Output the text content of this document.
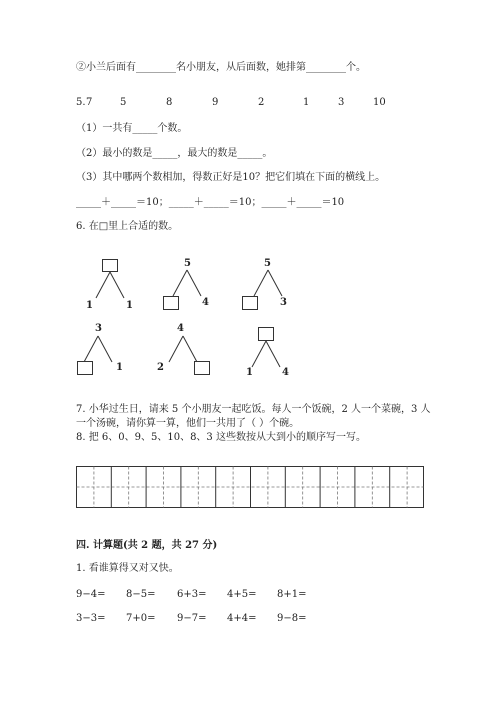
②小兰后面有________名小朋友，从后面数，她排第________个。
5. 7	5	8	9	2	1	3	10
（1）一共有_____个数。
（2）最小的数是_____，最大的数是_____。
（3）其中哪两个数相加，得数正好是10？把它们填在下面的横线上。
_____＋_____＝10；_____＋_____＝10；_____＋_____＝10
6. 在□里上合适的数。
1	1
5
4
5
3
3
1
4
2	1	4
7. 小华过生日，请来 5 个小朋友一起吃饭。每人一个饭碗，2 人一个菜碗，3 人
一个汤碗，请你算一算，他们一共用了（ ）个碗。
8. 把 6、0、9、5、10、8、3 这些数按从大到小的顺序写一写。
四. 计算题(共 2 题，共 27 分)
1. 看谁算得又对又快。
9−4= 8−5= 6+3= 4+5= 8+1=
3−3= 7+0= 9−7= 4+4= 9−8=
